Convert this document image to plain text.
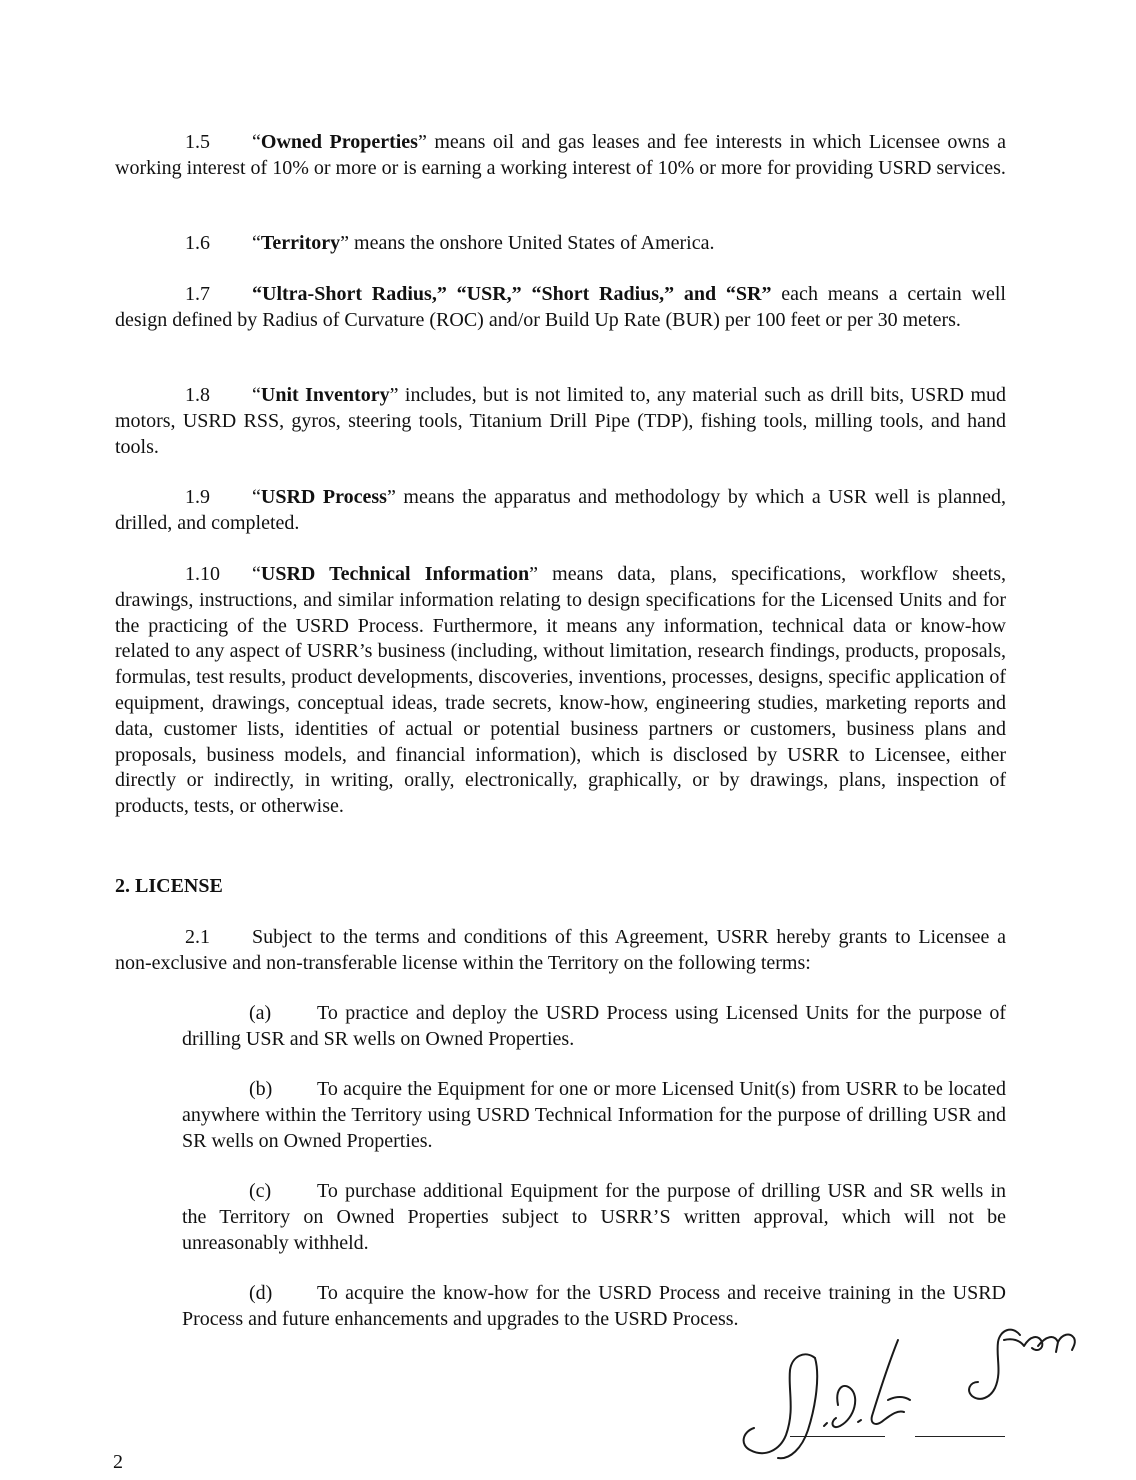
1.5 “Owned Properties” means oil and gas leases and fee interests in which Licensee owns a working interest of 10% or more or is earning a working interest of 10% or more for providing USRD services.

1.6 “Territory” means the onshore United States of America.

1.7 “Ultra-Short Radius,” “USR,” “Short Radius,” and “SR” each means a certain well design defined by Radius of Curvature (ROC) and/or Build Up Rate (BUR) per 100 feet or per 30 meters.

1.8 “Unit Inventory” includes, but is not limited to, any material such as drill bits, USRD mud motors, USRD RSS, gyros, steering tools, Titanium Drill Pipe (TDP), fishing tools, milling tools, and hand tools.

1.9 “USRD Process” means the apparatus and methodology by which a USR well is planned, drilled, and completed.

1.10 “USRD Technical Information” means data, plans, specifications, workflow sheets, drawings, instructions, and similar information relating to design specifications for the Licensed Units and for the practicing of the USRD Process. Furthermore, it means any information, technical data or know-how related to any aspect of USRR’s business (including, without limitation, research findings, products, proposals, formulas, test results, product developments, discoveries, inventions, processes, designs, specific application of equipment, drawings, conceptual ideas, trade secrets, know-how, engineering studies, marketing reports and data, customer lists, identities of actual or potential business partners or customers, business plans and proposals, business models, and financial information), which is disclosed by USRR to Licensee, either directly or indirectly, in writing, orally, electronically, graphically, or by drawings, plans, inspection of products, tests, or otherwise.

2. LICENSE

2.1 Subject to the terms and conditions of this Agreement, USRR hereby grants to Licensee a non-exclusive and non-transferable license within the Territory on the following terms:

(a) To practice and deploy the USRD Process using Licensed Units for the purpose of drilling USR and SR wells on Owned Properties.

(b) To acquire the Equipment for one or more Licensed Unit(s) from USRR to be located anywhere within the Territory using USRD Technical Information for the purpose of drilling USR and SR wells on Owned Properties.

(c) To purchase additional Equipment for the purpose of drilling USR and SR wells in the Territory on Owned Properties subject to USRR’S written approval, which will not be unreasonably withheld.

(d) To acquire the know-how for the USRD Process and receive training in the USRD Process and future enhancements and upgrades to the USRD Process.

2
